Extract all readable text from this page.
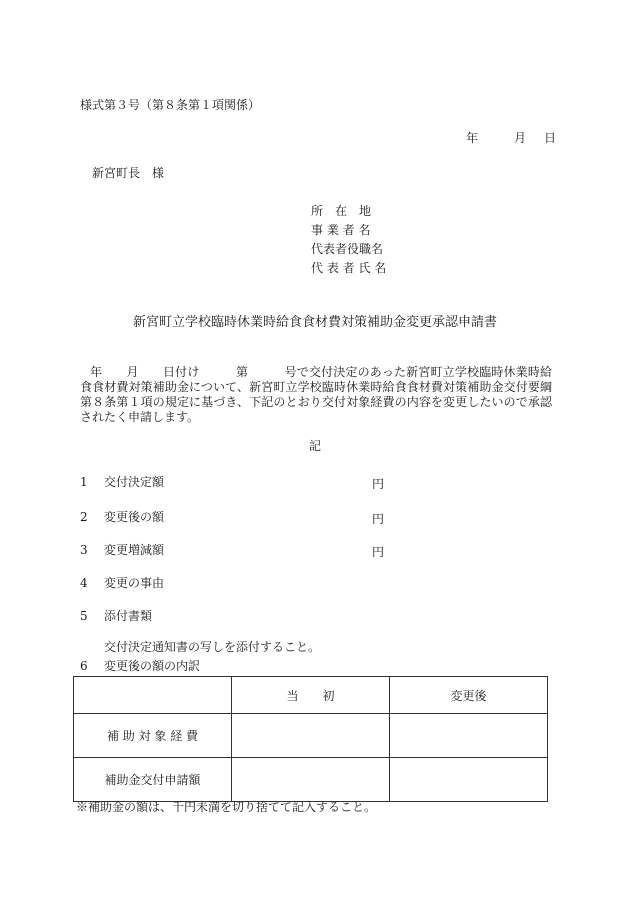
様式第３号（第８条第１項関係）

年	月 日

新宮町長　様

所　在　地
事 業 者 名
代表者役職名
代 表 者 氏 名

新宮町立学校臨時休業時給食食材費対策補助金変更承認申請書

年　　月　　日付け　　　第　　　号で交付決定のあった新宮町立学校臨時休業時給食食材費対策補助金について、新宮町立学校臨時休業時給食食材費対策補助金交付要綱第８条第１項の規定に基づき、下記のとおり交付対象経費の内容を変更したいので承認されたく申請します。

記

1 交付決定額	円
2 変更後の額	円
3 変更増減額	円
4 変更の事由
5 添付書類

交付決定通知書の写しを添付すること。

6 変更後の額の内訳
	当　　初	変更後
補 助 対 象 経 費		
補助金交付申請額		

※補助金の額は、千円未満を切り捨てて記入すること。
